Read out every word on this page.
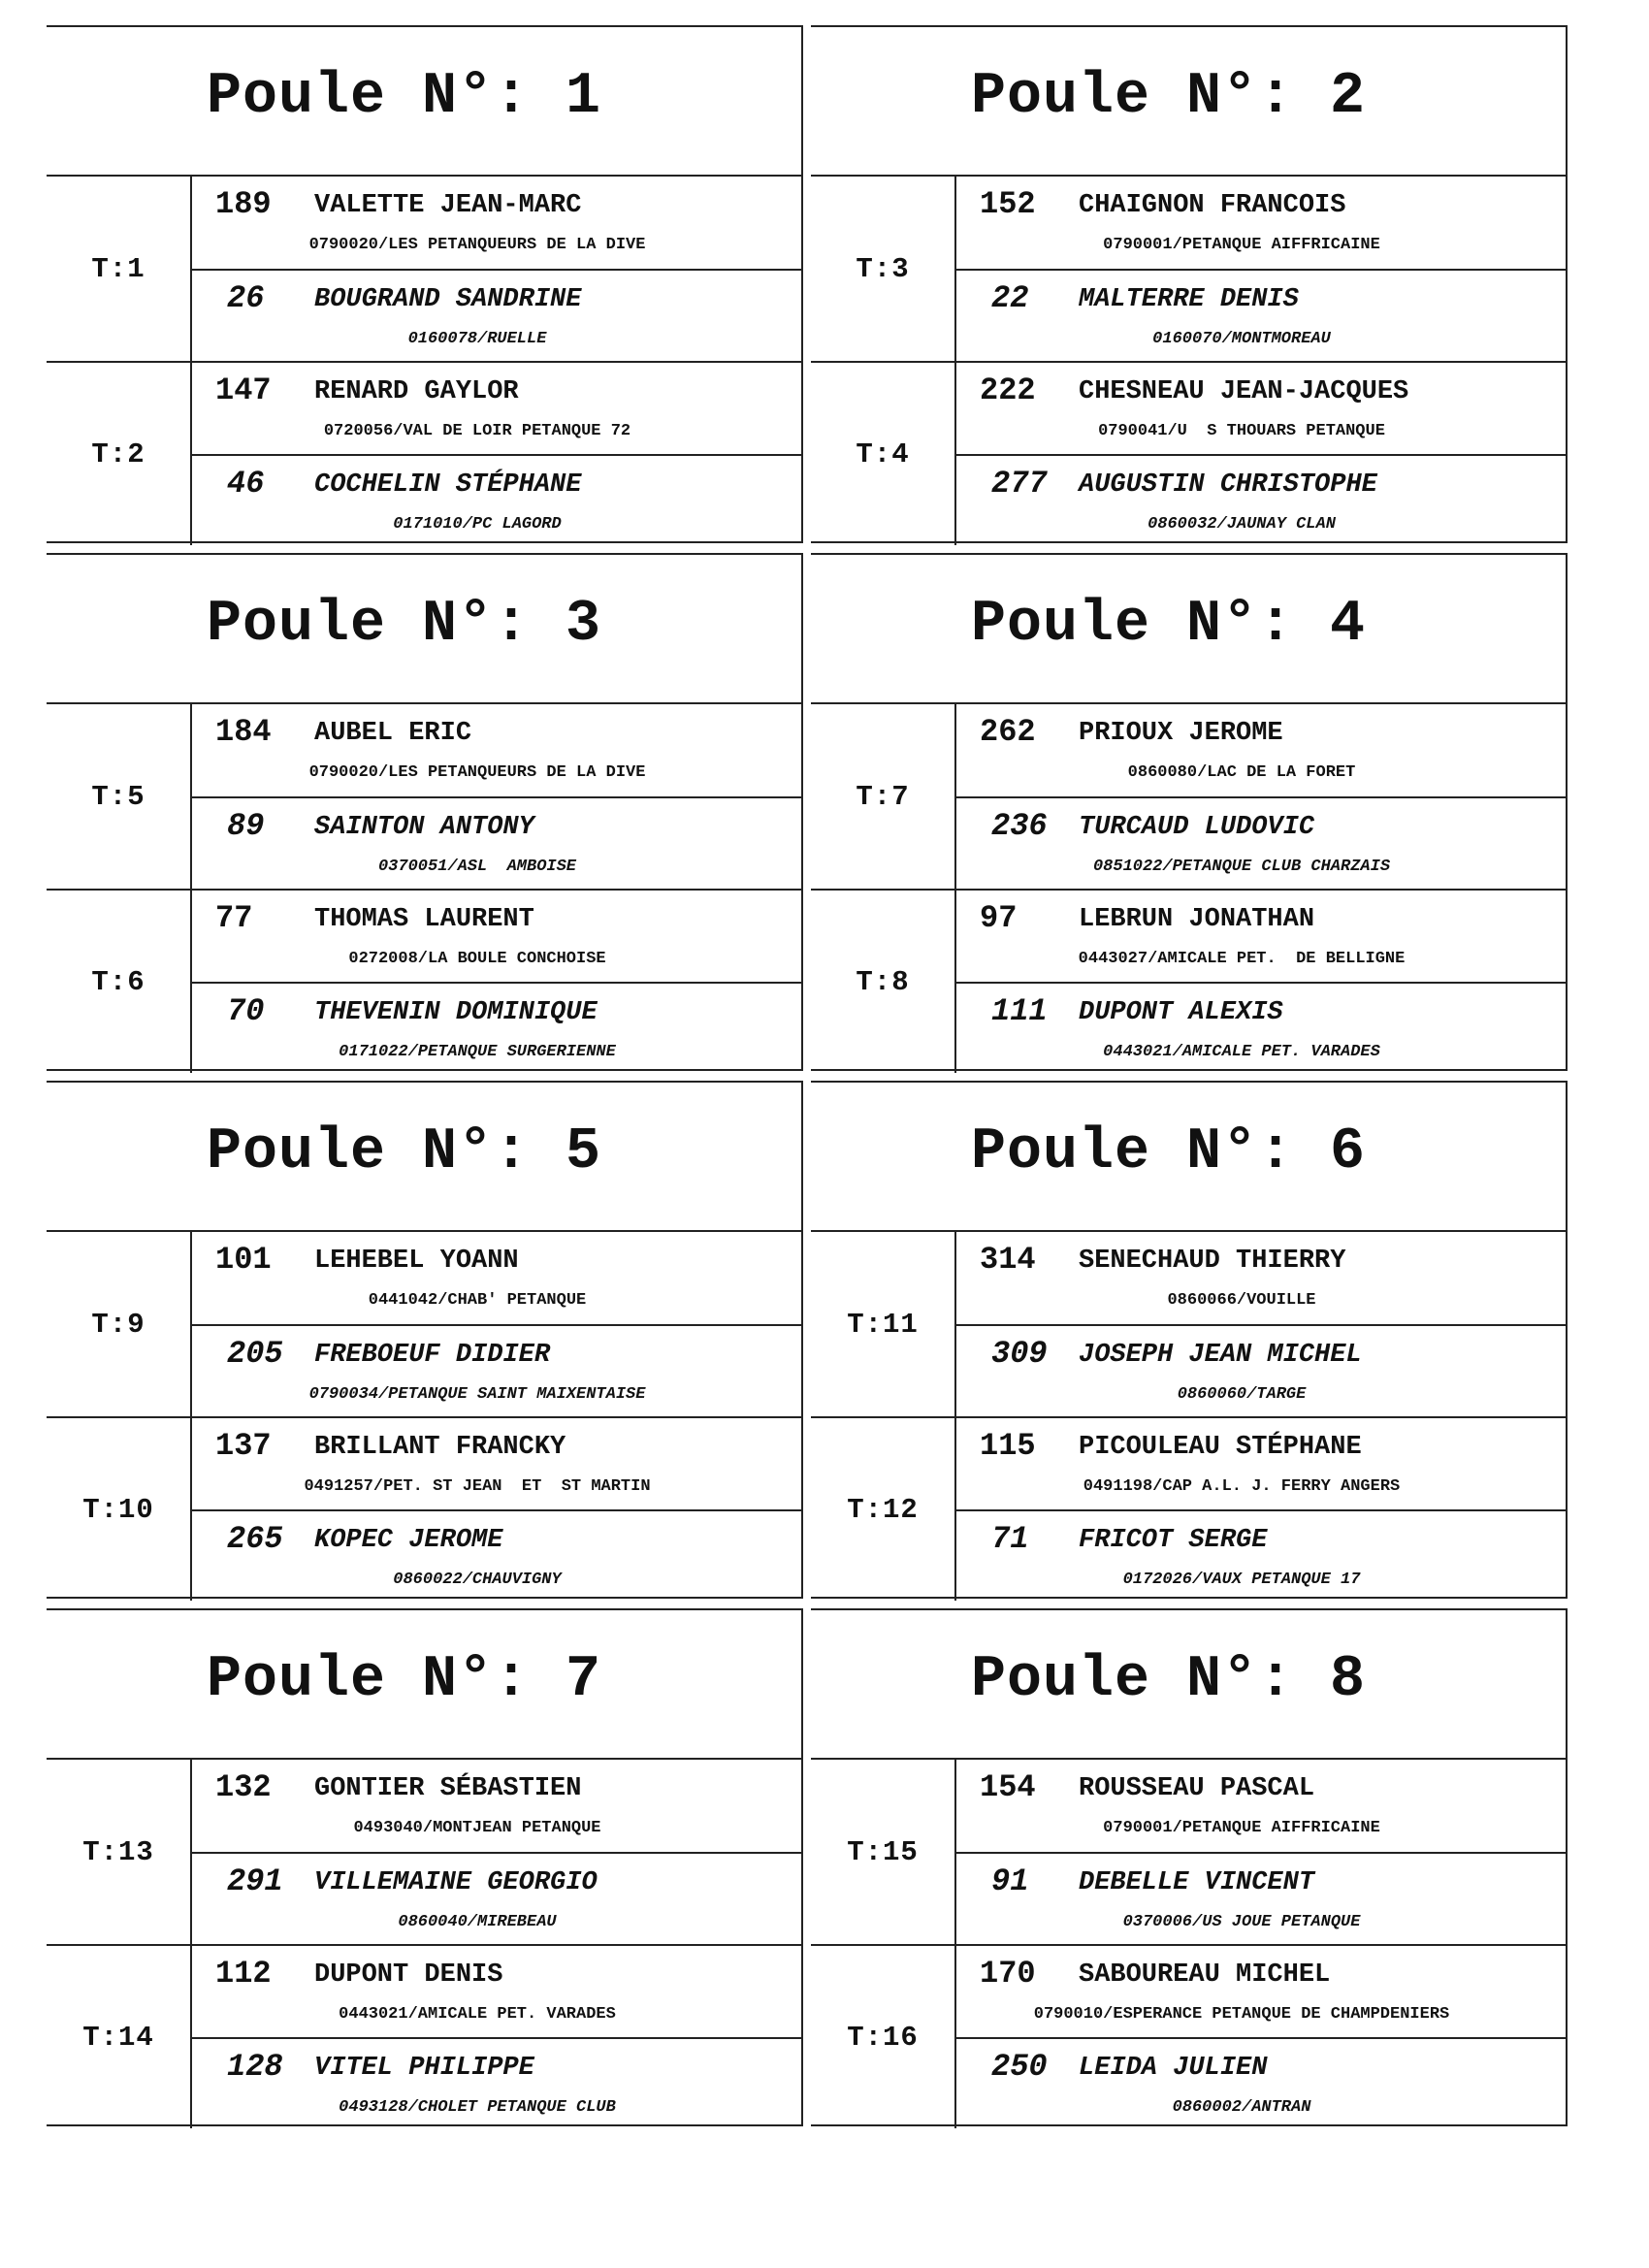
Poule N°: 1
T:1
189 VALETTE JEAN-MARC
0790020/LES PETANQUEURS DE LA DIVE
26 BOUGRAND SANDRINE
0160078/RUELLE
T:2
147 RENARD GAYLOR
0720056/VAL DE LOIR PETANQUE 72
46 COCHELIN STÉPHANE
0171010/PC LAGORD
Poule N°: 2
T:3
152 CHAIGNON FRANCOIS
0790001/PETANQUE AIFFRICAINE
22 MALTERRE DENIS
0160070/MONTMOREAU
T:4
222 CHESNEAU JEAN-JACQUES
0790041/U  S THOUARS PETANQUE
277 AUGUSTIN CHRISTOPHE
0860032/JAUNAY CLAN
Poule N°: 3
T:5
184 AUBEL ERIC
0790020/LES PETANQUEURS DE LA DIVE
89 SAINTON ANTONY
0370051/ASL  AMBOISE
T:6
77 THOMAS LAURENT
0272008/LA BOULE CONCHOISE
70 THEVENIN DOMINIQUE
0171022/PETANQUE SURGERIENNE
Poule N°: 4
T:7
262 PRIOUX JEROME
0860080/LAC DE LA FORET
236 TURCAUD LUDOVIC
0851022/PETANQUE CLUB CHARZAIS
T:8
97 LEBRUN JONATHAN
0443027/AMICALE PET.  DE BELLIGNE
111 DUPONT ALEXIS
0443021/AMICALE PET. VARADES
Poule N°: 5
T:9
101 LEHEBEL YOANN
0441042/CHAB' PETANQUE
205 FREBOEUF DIDIER
0790034/PETANQUE SAINT MAIXENTAISE
T:10
137 BRILLANT FRANCKY
0491257/PET. ST JEAN  ET  ST MARTIN
265 KOPEC JEROME
0860022/CHAUVIGNY
Poule N°: 6
T:11
314 SENECHAUD THIERRY
0860066/VOUILLE
309 JOSEPH JEAN MICHEL
0860060/TARGE
T:12
115 PICOULEAU STÉPHANE
0491198/CAP A.L. J. FERRY ANGERS
71 FRICOT SERGE
0172026/VAUX PETANQUE 17
Poule N°: 7
T:13
132 GONTIER SÉBASTIEN
0493040/MONTJEAN PETANQUE
291 VILLEMAINE GEORGIO
0860040/MIREBEAU
T:14
112 DUPONT DENIS
0443021/AMICALE PET. VARADES
128 VITEL PHILIPPE
0493128/CHOLET PETANQUE CLUB
Poule N°: 8
T:15
154 ROUSSEAU PASCAL
0790001/PETANQUE AIFFRICAINE
91 DEBELLE VINCENT
0370006/US JOUE PETANQUE
T:16
170 SABOUREAU MICHEL
0790010/ESPERANCE PETANQUE DE CHAMPDENIERS
250 LEIDA JULIEN
0860002/ANTRAN
